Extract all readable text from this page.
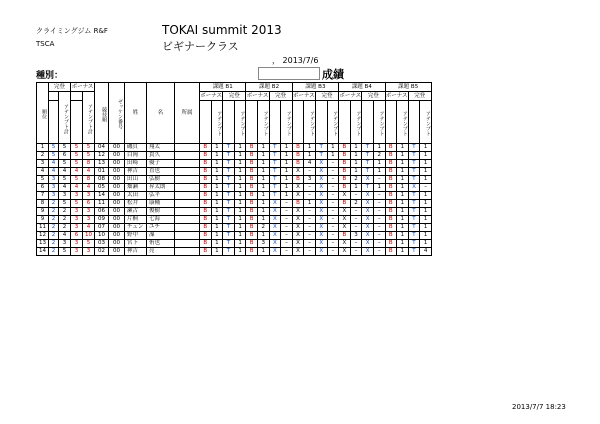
クライミングジム R&F
TSCA
TOKAI summit 2013
ビギナークラス
， 2013/7/6
種別：	成績
順位	完登		ボーナス		競技順	ゼッケン番号	姓	名	所属	課題 B1				課題 B2				課題 B3				課題 B4				課題 B5			
		アテンプト計		アテンプト計						ボーナス		完登		ボーナス		完登		ボーナス		完登		ボーナス		完登		ボーナス		完登	
											アテンプト		アテンプト		アテンプト		アテンプト		アテンプト		アテンプト		アテンプト		アテンプト		アテンプト		アテンプト
1	5	5	5	5	04	00	磯貝	翔太		B	1	T	1	B	1	T	1	B	1	T	1	B	1	T	1	B	1	T	1
2	5	6	5	5	12	00	白岡	貴久		B	1	T	1	B	1	T	1	B	1	T	1	B	1	T	2	B	1	T	1
3	4	5	5	8	13	00	田崎	優子		B	1	T	1	B	1	T	1	B	4	X	–	B	1	T	1	B	1	T	1
4	4	4	4	4	01	00	神吉	直也		B	1	T	1	B	1	T	1	X	–	X	–	B	1	T	1	B	1	T	1
5	3	5	5	8	08	00	田山	弘樹		B	1	T	1	B	1	T	1	B	3	X	–	B	2	X	–	B	1	T	1
6	3	4	4	4	05	00	畑瀬	昇太朗		B	1	T	1	B	1	T	1	X	–	X	–	B	1	T	1	B	1	X	–
7	3	3	3	3	14	00	太田	弘平		B	1	T	1	B	1	T	1	X	–	X	–	X	–	X	–	B	1	T	1
8	2	5	5	6	11	00	松井	康輔		B	1	T	1	B	1	X	–	B	1	X	–	B	2	X	–	B	1	T	1
9	2	2	3	3	06	00	瀬古	俊樹		B	1	T	1	B	1	X	–	X	–	X	–	X	–	X	–	B	1	T	1
9	2	2	3	3	09	00	片桐	七海		B	1	T	1	B	1	X	–	X	–	X	–	X	–	X	–	B	1	T	1
11	2	2	3	4	07	00	チェン	ユチ		B	1	T	1	B	2	X	–	X	–	X	–	X	–	X	–	B	1	T	1
12	2	4	6	10	10	00	野中	凜		B	1	T	1	B	1	X	–	X	–	X	–	B	3	X	–	B	1	T	1
13	2	3	3	5	03	00	宮下	侑也		B	1	T	1	B	3	X	–	X	–	X	–	X	–	X	–	B	1	T	1
14	2	5	3	3	02	00	神吉	亮		B	1	T	1	B	1	X	–	X	–	X	–	X	–	X	–	B	1	T	4
2013/7/7 18:23
